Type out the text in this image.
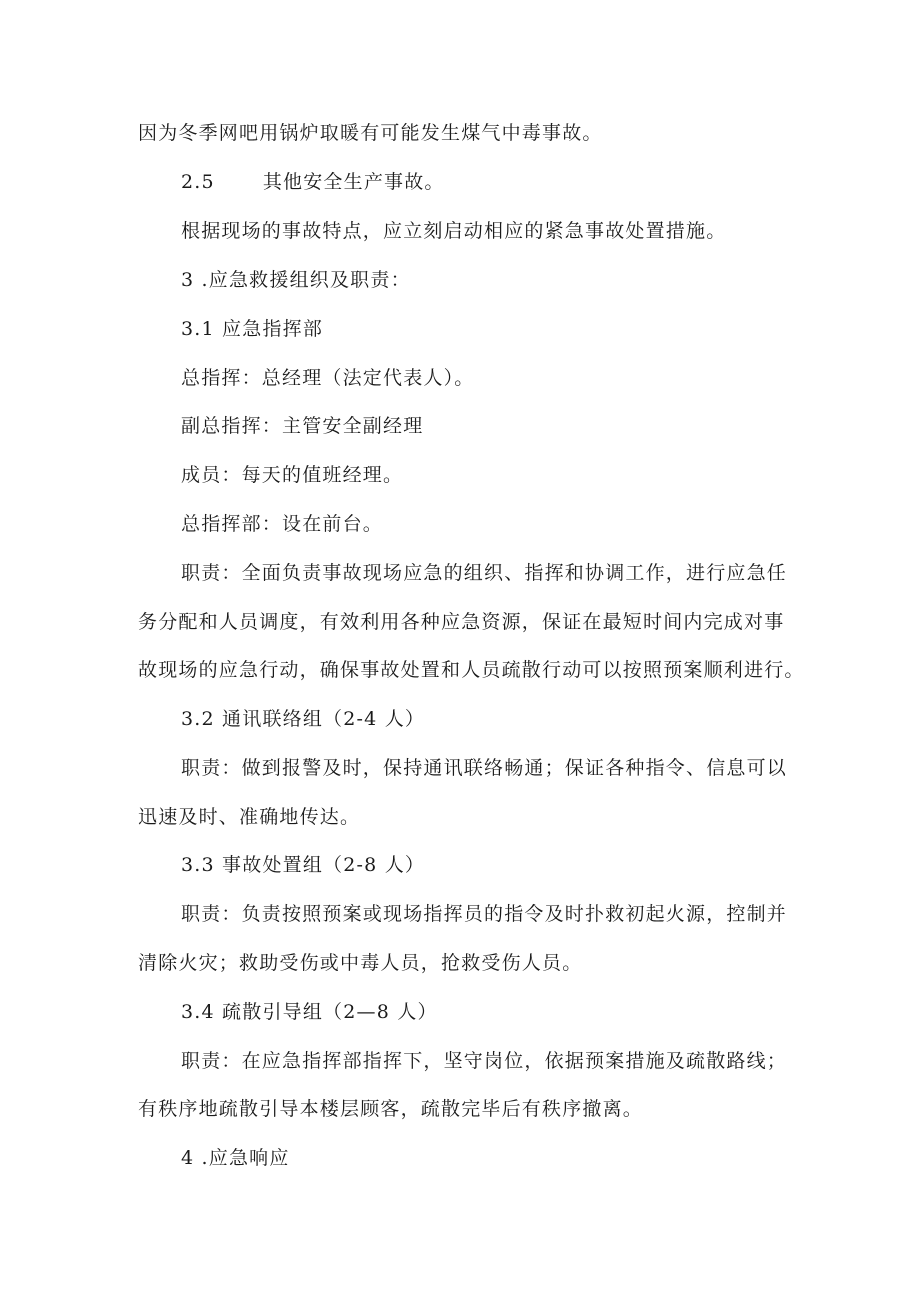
因为冬季网吧用锅炉取暖有可能发生煤气中毒事故。
2.5	其他安全生产事故。
根据现场的事故特点，应立刻启动相应的紧急事故处置措施。
3 .应急救援组织及职责：
3.1 应急指挥部
总指挥：总经理（法定代表人）。
副总指挥：主管安全副经理
成员：每天的值班经理。
总指挥部：设在前台。
职责：全面负责事故现场应急的组织、指挥和协调工作，进行应急任
务分配和人员调度，有效利用各种应急资源，保证在最短时间内完成对事
故现场的应急行动，确保事故处置和人员疏散行动可以按照预案顺利进行。
3.2 通讯联络组（2-4 人）
职责：做到报警及时，保持通讯联络畅通；保证各种指令、信息可以
迅速及时、准确地传达。
3.3 事故处置组（2-8 人）
职责：负责按照预案或现场指挥员的指令及时扑救初起火源，控制并
清除火灾；救助受伤或中毒人员，抢救受伤人员。
3.4 疏散引导组（2—8 人）
职责：在应急指挥部指挥下，坚守岗位，依据预案措施及疏散路线；
有秩序地疏散引导本楼层顾客，疏散完毕后有秩序撤离。
4 .应急响应
